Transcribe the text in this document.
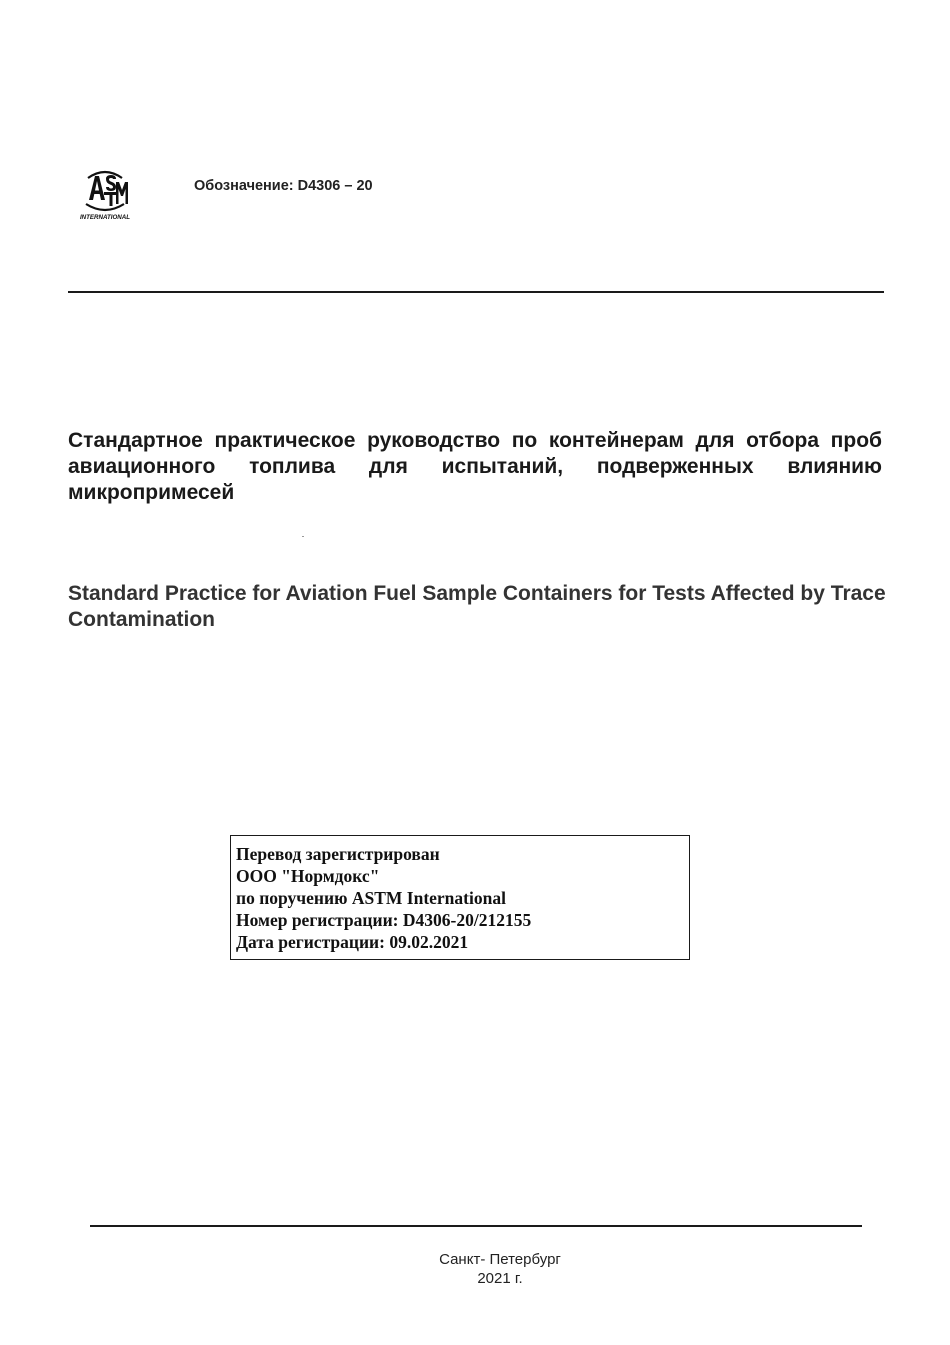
INTERNATIONAL
Обозначение: D4306 – 20
Стандартное практическое руководство по контейнерам для отбора проб авиационного топлива для испытаний, подверженных влиянию микропримесей
Standard Practice for Aviation Fuel Sample Containers for Tests Affected by Trace Contamination
Перевод зарегистрирован
ООО "Нормдокс"
по поручению ASTM International
Номер регистрации: D4306-20/212155
Дата регистрации: 09.02.2021
Санкт- Петербург
2021 г.
